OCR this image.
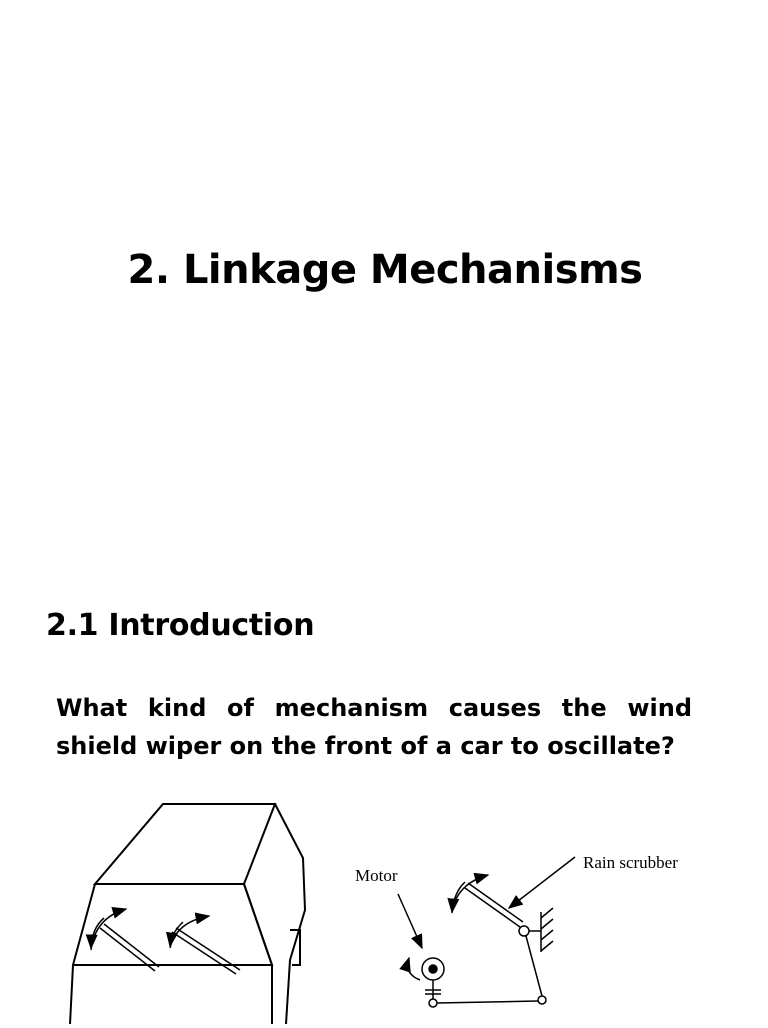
2. Linkage Mechanisms
2.1 Introduction

What kind of mechanism causes the wind shield wiper on the front of a car to oscillate?

Motor
Rain scrubber
